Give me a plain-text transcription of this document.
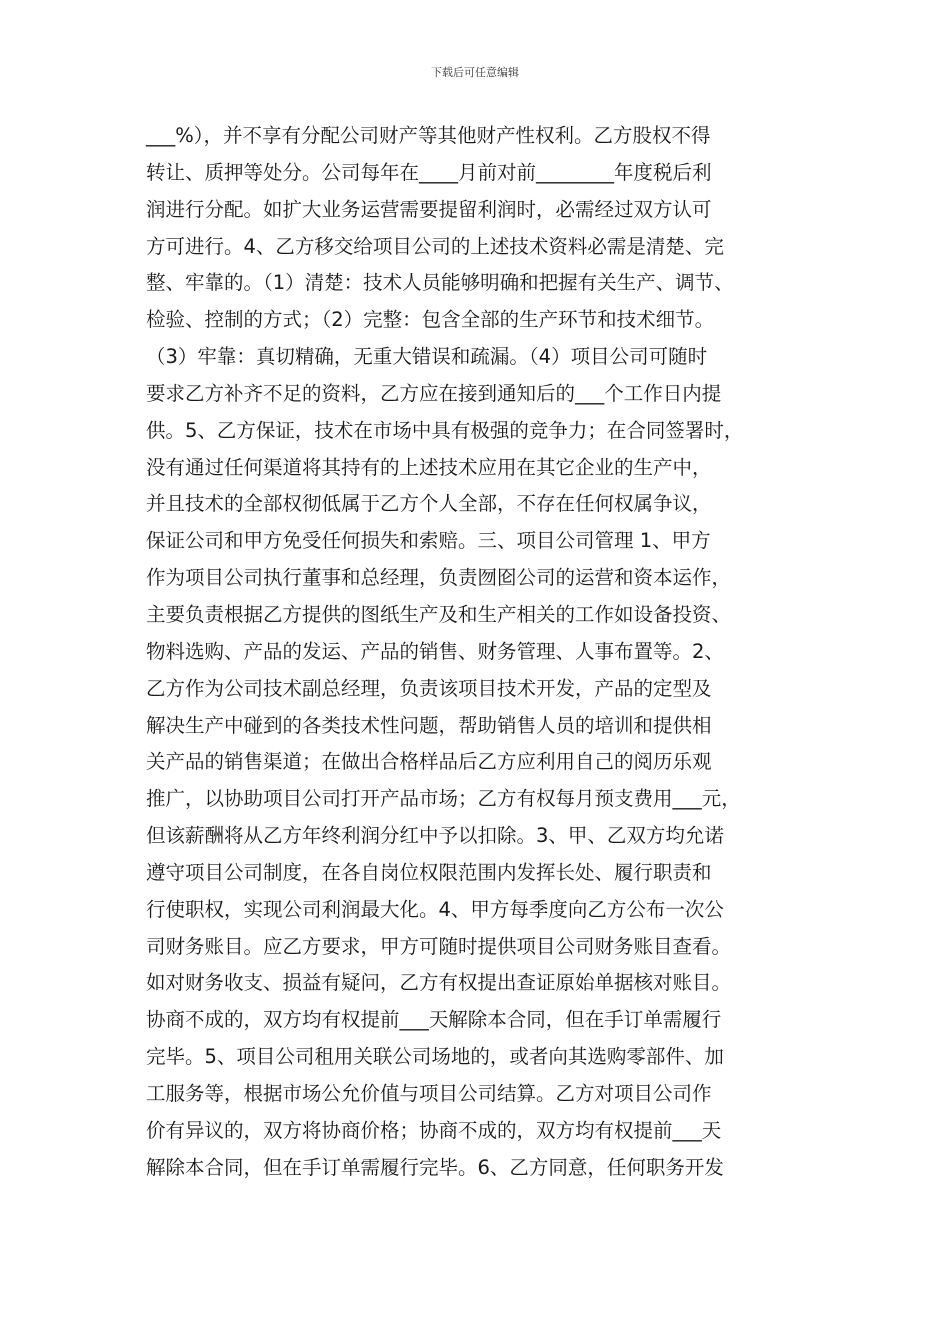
下载后可任意编辑
___%），并不享有分配公司财产等其他财产性权利。乙方股权不得
转让、质押等处分。公司每年在____月前对前________年度税后利
润进行分配。如扩大业务运营需要提留利润时，必需经过双方认可
方可进行。4、乙方移交给项目公司的上述技术资料必需是清楚、完
整、牢靠的。（1）清楚：技术人员能够明确和把握有关生产、调节、
检验、控制的方式；（2）完整：包含全部的生产环节和技术细节。
（3）牢靠：真切精确，无重大错误和疏漏。（4）项目公司可随时
要求乙方补齐不足的资料，乙方应在接到通知后的___个工作日内提
供。5、乙方保证，技术在市场中具有极强的竞争力；在合同签署时，
没有通过任何渠道将其持有的上述技术应用在其它企业的生产中，
并且技术的全部权彻低属于乙方个人全部，不存在任何权属争议，
保证公司和甲方免受任何损失和索赔。三、项目公司管理 1、甲方
作为项目公司执行董事和总经理，负责囫囵公司的运营和资本运作，
主要负责根据乙方提供的图纸生产及和生产相关的工作如设备投资、
物料选购、产品的发运、产品的销售、财务管理、人事布置等。2、
乙方作为公司技术副总经理，负责该项目技术开发，产品的定型及
解决生产中碰到的各类技术性问题，帮助销售人员的培训和提供相
关产品的销售渠道；在做出合格样品后乙方应利用自己的阅历乐观
推广，以协助项目公司打开产品市场；乙方有权每月预支费用___元，
但该薪酬将从乙方年终利润分红中予以扣除。3、甲、乙双方均允诺
遵守项目公司制度，在各自岗位权限范围内发挥长处、履行职责和
行使职权，实现公司利润最大化。4、甲方每季度向乙方公布一次公
司财务账目。应乙方要求，甲方可随时提供项目公司财务账目查看。
如对财务收支、损益有疑问，乙方有权提出查证原始单据核对账目。
协商不成的，双方均有权提前___天解除本合同，但在手订单需履行
完毕。5、项目公司租用关联公司场地的，或者向其选购零部件、加
工服务等，根据市场公允价值与项目公司结算。乙方对项目公司作
价有异议的，双方将协商价格；协商不成的，双方均有权提前___天
解除本合同，但在手订单需履行完毕。6、乙方同意，任何职务开发
